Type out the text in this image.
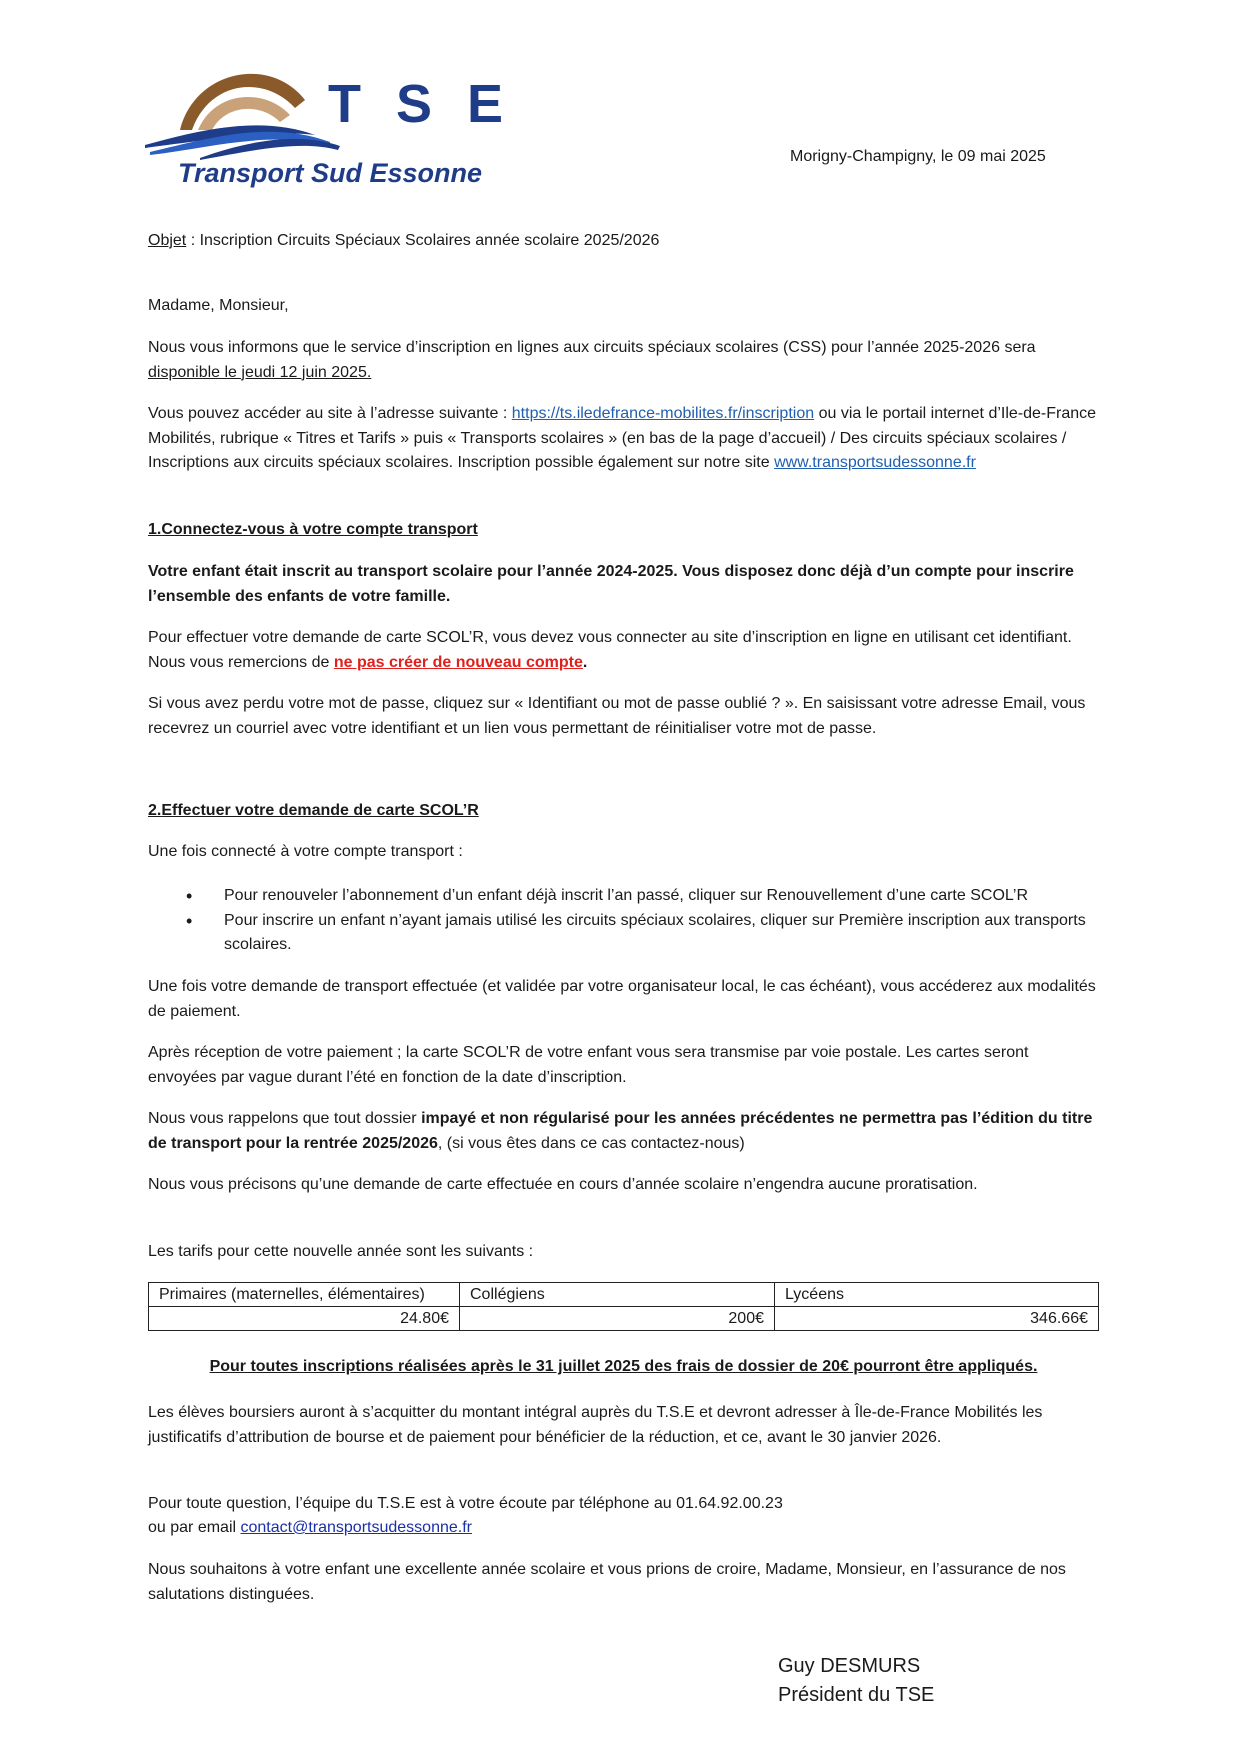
T S E
Transport Sud Essonne
Morigny-Champigny, le 09 mai 2025

Objet : Inscription Circuits Spéciaux Scolaires année scolaire 2025/2026

Madame, Monsieur,

Nous vous informons que le service d’inscription en lignes aux circuits spéciaux scolaires (CSS) pour l’année 2025-2026 sera disponible le jeudi 12 juin 2025.

Vous pouvez accéder au site à l’adresse suivante : https://ts.iledefrance-mobilites.fr/inscription ou via le portail internet d’Ile-de-France Mobilités, rubrique « Titres et Tarifs » puis « Transports scolaires » (en bas de la page d’accueil) / Des circuits spéciaux scolaires / Inscriptions aux circuits spéciaux scolaires. Inscription possible également sur notre site www.transportsudessonne.fr

1.Connectez-vous à votre compte transport

Votre enfant était inscrit au transport scolaire pour l’année 2024-2025. Vous disposez donc déjà d’un compte pour inscrire l’ensemble des enfants de votre famille.

Pour effectuer votre demande de carte SCOL’R, vous devez vous connecter au site d’inscription en ligne en utilisant cet identifiant. Nous vous remercions de ne pas créer de nouveau compte.

Si vous avez perdu votre mot de passe, cliquez sur « Identifiant ou mot de passe oublié ? ». En saisissant votre adresse Email, vous recevrez un courriel avec votre identifiant et un lien vous permettant de réinitialiser votre mot de passe.

2.Effectuer votre demande de carte SCOL’R

Une fois connecté à votre compte transport :

• Pour renouveler l’abonnement d’un enfant déjà inscrit l’an passé, cliquer sur Renouvellement d’une carte SCOL’R
• Pour inscrire un enfant n’ayant jamais utilisé les circuits spéciaux scolaires, cliquer sur Première inscription aux transports scolaires.

Une fois votre demande de transport effectuée (et validée par votre organisateur local, le cas échéant), vous accéderez aux modalités de paiement.

Après réception de votre paiement ; la carte SCOL’R de votre enfant vous sera transmise par voie postale. Les cartes seront envoyées par vague durant l’été en fonction de la date d’inscription.

Nous vous rappelons que tout dossier impayé et non régularisé pour les années précédentes ne permettra pas l’édition du titre de transport pour la rentrée 2025/2026, (si vous êtes dans ce cas contactez-nous)

Nous vous précisons qu’une demande de carte effectuée en cours d’année scolaire n’engendra aucune proratisation.

Les tarifs pour cette nouvelle année sont les suivants :

Primaires (maternelles, élémentaires)	Collégiens	Lycéens
24.80€	200€	346.66€

Pour toutes inscriptions réalisées après le 31 juillet 2025 des frais de dossier de 20€ pourront être appliqués.

Les élèves boursiers auront à s’acquitter du montant intégral auprès du T.S.E et devront adresser à Île-de-France Mobilités les justificatifs d’attribution de bourse et de paiement pour bénéficier de la réduction, et ce, avant le 30 janvier 2026.

Pour toute question, l’équipe du T.S.E est à votre écoute par téléphone au 01.64.92.00.23

ou par email contact@transportsudessonne.fr

Nous souhaitons à votre enfant une excellente année scolaire et vous prions de croire, Madame, Monsieur, en l’assurance de nos salutations distinguées.

Guy DESMURS
Président du TSE
